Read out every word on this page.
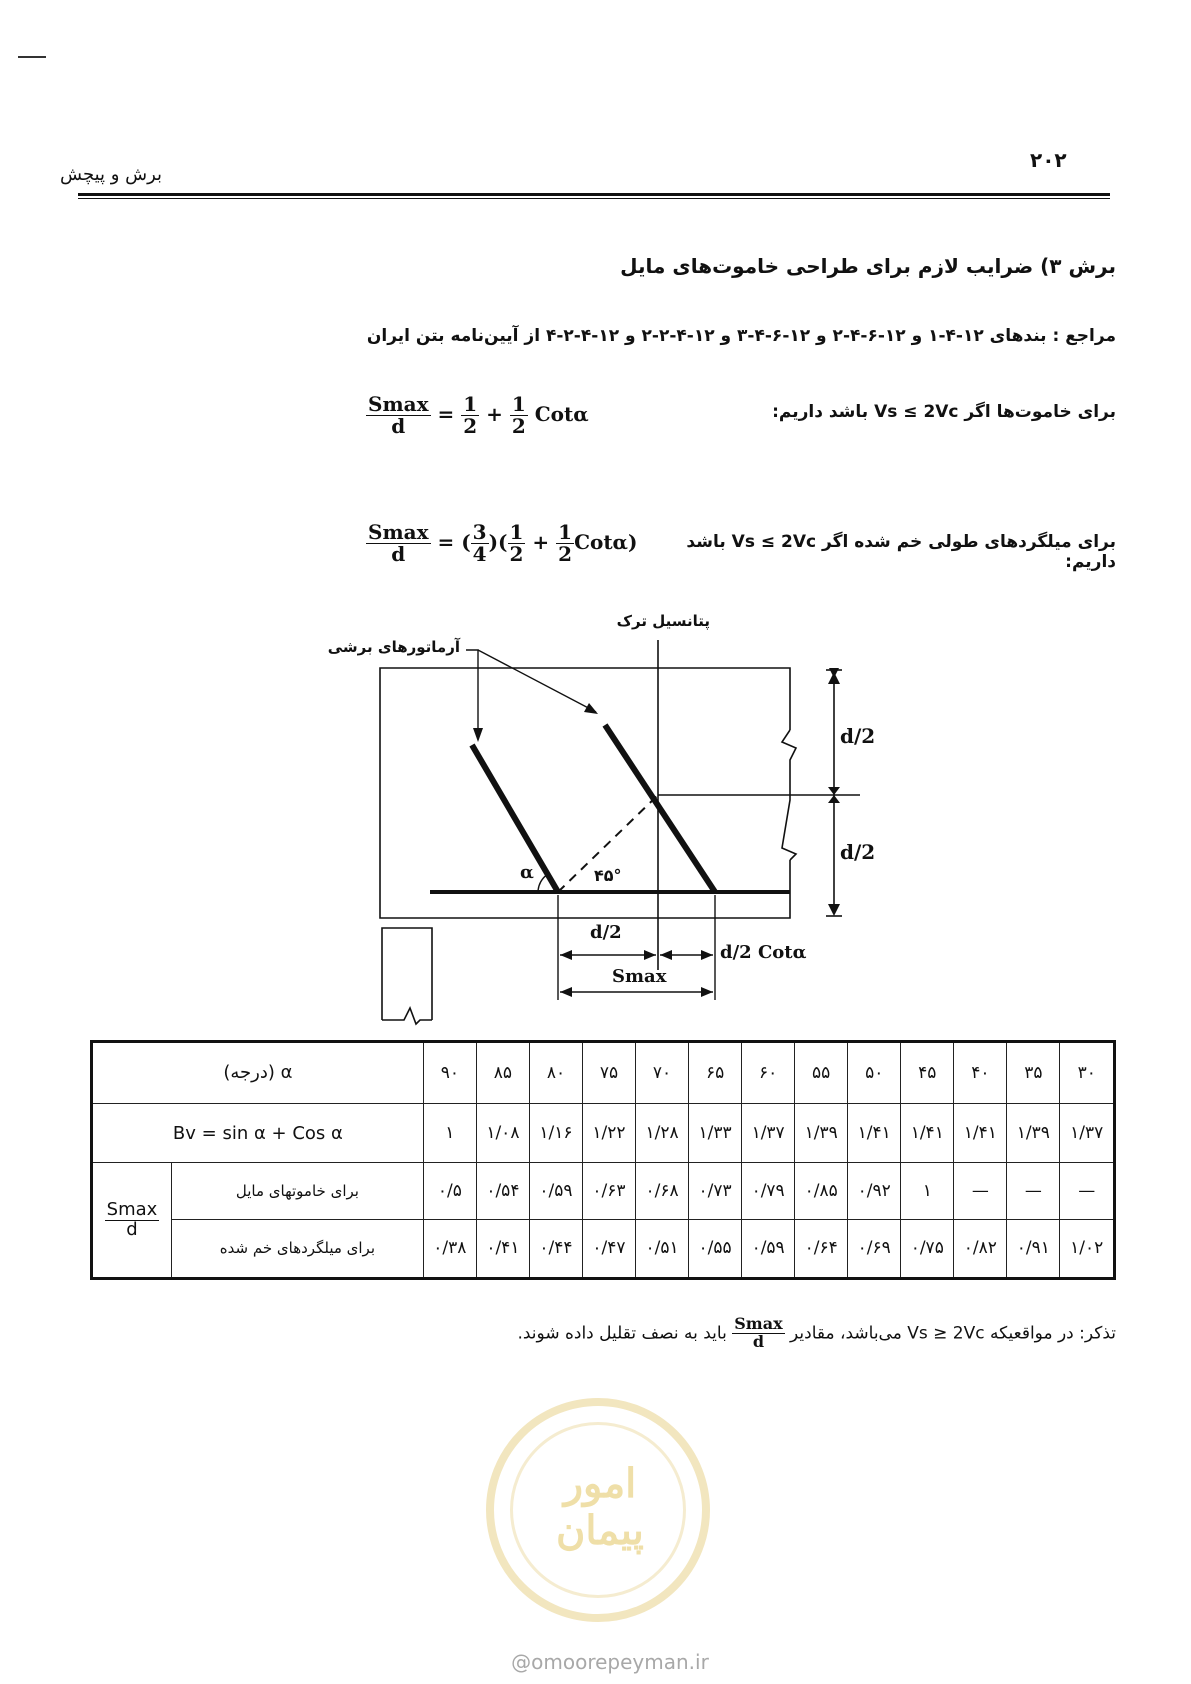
۲۰۲
برش و پیچش
برش ۳) ضرایب لازم برای طراحی خاموت‌های مایل
مراجع : بندهای ۱۲-۴-۱ و ۱۲-۶-۴-۲ و ۱۲-۶-۴-۳ و ۱۲-۴-۲-۲ و ۱۲-۴-۲-۴ از آیین‌نامه بتن ایران
برای خاموت‌ها اگر Vs ≤ 2Vc باشد داریم:
$\frac{Smax}{d} = \frac{1}{2} + \frac{1}{2}$ Cotα
برای میلگردهای طولی خم شده اگر Vs ≤ 2Vc باشد داریم:
$\frac{Smax}{d}$ = ( $\frac{3}{4}$ )( $\frac{1}{2} + \frac{1}{2} Cot\alpha$)
آرماتورهای برشی
پتانسیل ترک
d/2
d/2
α	۴۵°
d/2
d/2 Cotα
Smax
α (درجه)		۹۰	۸۵	۸۰	۷۵	۷۰	۶۵	۶۰	۵۵	۵۰	۴۵	۴۰	۳۵	۳۰
Bv = sin α + Cos α		۱	۱/۰۸	۱/۱۶	۱/۲۲	۱/۲۸	۱/۳۳	۱/۳۷	۱/۳۹	۱/۴۱	۱/۴۱	۱/۴۱	۱/۳۹	۱/۳۷

$\frac{Smax}{d}$	برای خاموتهای مایل	۰/۵	۰/۵۴	۰/۵۹	۰/۶۳	۰/۶۸	۰/۷۳	۰/۷۹	۰/۸۵	۰/۹۲	۱	—	—	—
	برای میلگردهای خم شده	۰/۳۸	۰/۴۱	۰/۴۴	۰/۴۷	۰/۵۱	۰/۵۵	۰/۵۹	۰/۶۴	۰/۶۹	۰/۷۵	۰/۸۲	۰/۹۱	۱/۰۲
تذکر: در مواقعیکه Vs ≥ 2Vc می‌باشد، مقادیر
$\frac{Smax}{d}$
باید به نصف تقلیل داده شوند.
امور پیمان
@omoorepeyman.ir
